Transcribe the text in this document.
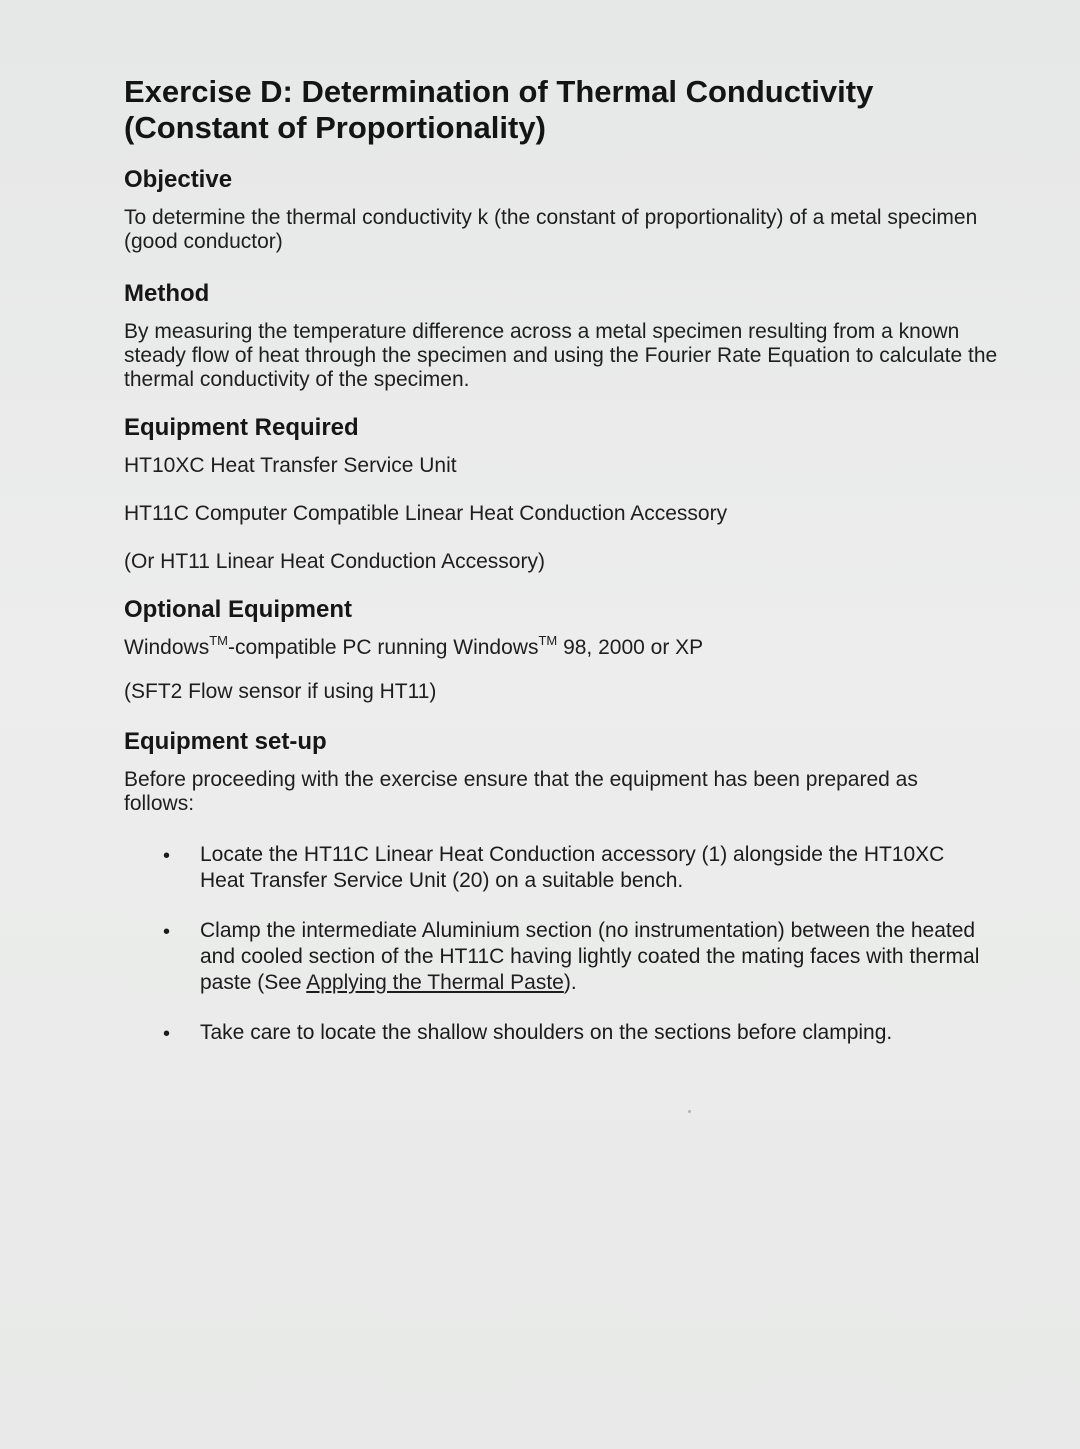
Exercise D: Determination of Thermal Conductivity
(Constant of Proportionality)
Objective

To determine the thermal conductivity k (the constant of proportionality) of a metal specimen (good conductor)

Method

By measuring the temperature difference across a metal specimen resulting from a known steady flow of heat through the specimen and using the Fourier Rate Equation to calculate the thermal conductivity of the specimen.

Equipment Required

HT10XC Heat Transfer Service Unit

HT11C Computer Compatible Linear Heat Conduction Accessory

(Or HT11 Linear Heat Conduction Accessory)

Optional Equipment

Windows™-compatible PC running Windows™ 98, 2000 or XP

(SFT2 Flow sensor if using HT11)

Equipment set-up

Before proceeding with the exercise ensure that the equipment has been prepared as follows:

• Locate the HT11C Linear Heat Conduction accessory (1) alongside the HT10XC Heat Transfer Service Unit (20) on a suitable bench.
• Clamp the intermediate Aluminium section (no instrumentation) between the heated and cooled section of the HT11C having lightly coated the mating faces with thermal paste (See Applying the Thermal Paste).
• Take care to locate the shallow shoulders on the sections before clamping.
